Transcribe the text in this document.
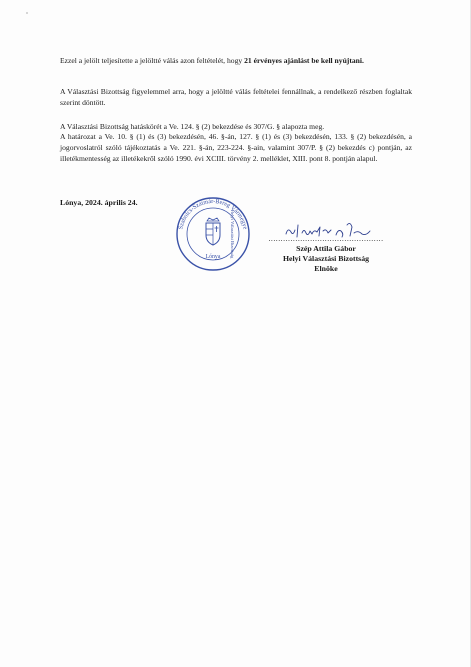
Ezzel a jelölt teljesítette a jelöltté válás azon feltételét, hogy 21 érvényes ajánlást be kell nyújtani.

A Választási Bizottság figyelemmel arra, hogy a jelöltté válás feltételei fennállnak, a rendelkező részben foglaltak szerint döntött.

A Választási Bizottság hatáskörét a Ve. 124. § (2) bekezdése és 307/G. § alapozta meg.

A határozat a Ve. 10. § (1) és (3) bekezdésén, 46. §-án, 127. § (1) és (3) bekezdésén, 133. § (2) bekezdésén, a jogorvoslatról szóló tájékoztatás a Ve. 221. §-án, 223-224. §-ain, valamint 307/P. § (2) bekezdés c) pontján, az illetékmentesség az illetékekről szóló 1990. évi XCIII. törvény 2. melléklet, XIII. pont 8. pontján alapul.

Lónya, 2024. április 24.

Szabolcs-Szatmár-Bereg Vármegye
Helyi Választási Bizottság
Lónya
...............................................
Szép Attila Gábor
Helyi Választási Bizottság
Elnöke
